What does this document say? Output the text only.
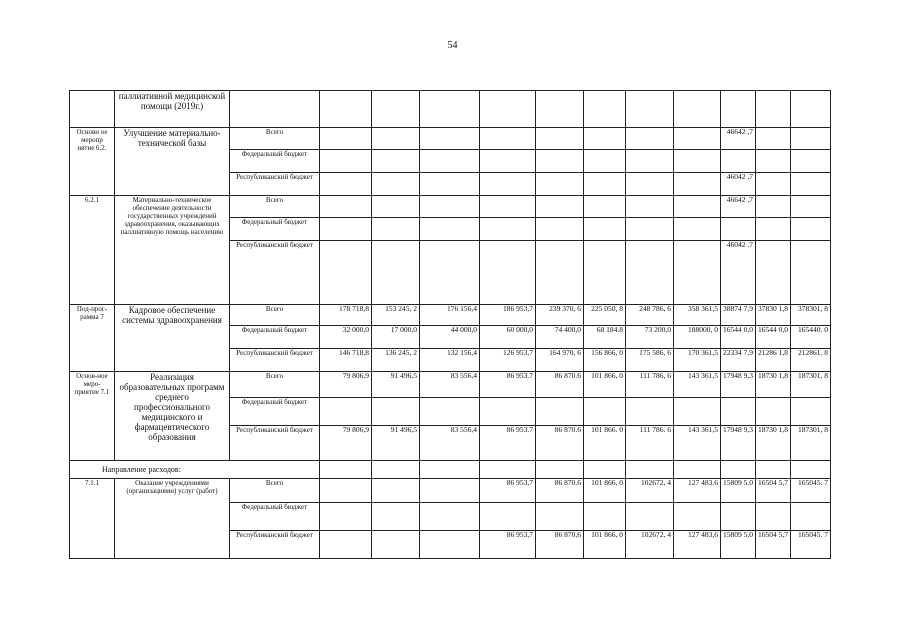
54
	паллиативной медицинской помощи (2019г.)												
Основн ое меропр иятие 6.2.	Улучшение материально-технической базы	Всего									46642 ,7		
		Федеральный бюджет											
		Республиканский бюджет									46042 ,7		
6.2.1	Материально-техническое обеспечение деятельности государственных учреждений здравоохранения, оказывающих паллиативную помощь населению	Всего									46642 ,7		
		Федеральный бюджет											
		Республиканский бюджет									46042 .7		
Под-прог-рамма 7	Кадровое обеспечение системы здравоохранения	Всего	178 718,8	153 245, 2	176 156,4	186 953,7	239 370, 6	225 050, 8	248 786, 6	358 361,5	38874 7,9	37830 1,8	378301, 8
		Федеральный бюджет	32 000,0	17 000,0	44 000,0	60 000,0	74 400,0	68 184.8	73 200,0	188000, 0	16544 0,0	16544 0,0	165440. 0
		Республиканский бюджет	146 718,8	136 245, 2	132 156,4	126 953,7	164 970, 6	156 866, 0	175 586, 6	170 361,5	22334 7,9	21286 1,8	212861. 8
Основ-ное меро-приятие 7.1	Реализация образовательных программ среднего профессионального медицинского и фармацевтического образования	Всего	79 806,9	91 496,5	83 556,4	86 953.7	86 870.6	101 866, 0	111 786, 6	143 361,5	17948 9,3	18730 1,8	187301, 8
		Федеральный бюджет											
		Республиканский бюджет	79 806,9	91 496,5	83 556,4	86 953.7	86 870.6	101 866. 0	111 786. 6	143 361,5	17948 9,3	18730 1,8	187301, 8
Направление расходов:													
7.1.1	Оказание учреждениями (организациями) услуг (работ)	Всего				86 953,7	86 870.6	101 866, 0	102672, 4	127 483.6	15809 5.0	16504 5,7	165045. 7
		Федеральный бюджет											
		Республиканский бюджет				86 953,7	86 870,6	101 866, 0	102672, 4	127 483,6	15809 5,0	16504 5,7	165045. 7
